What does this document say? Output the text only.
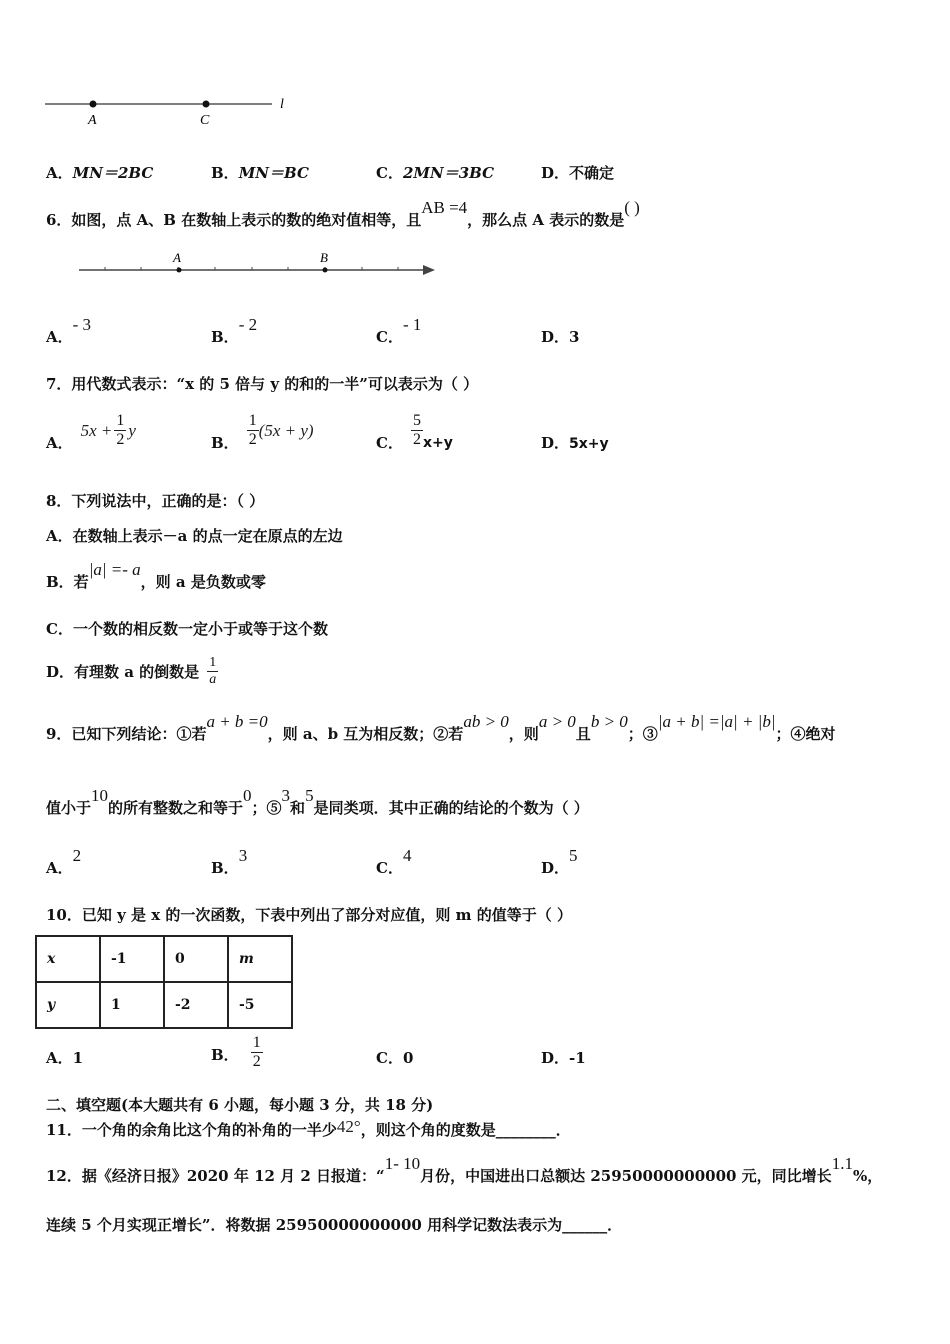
A	C
l
A．MN＝2BC	B．MN＝BC	C．2MN＝3BC	D．不确定
6．如图，点 A、B 在数轴上表示的数的绝对值相等，且AB =4，那么点 A 表示的数是( )
A	B
A．- 3
B．- 2
C．- 1
D．3
7．用代数式表示：“x 的 5 倍与 y 的和的一半”可以表示为（ ）
A．
$5x + \frac{1}{2}$ y
B． $\frac{1}{2} (5x + y)$
C． $\frac{5}{2} x+y$	D．5x+y
8．下列说法中，正确的是：（ ）
A．在数轴上表示－a 的点一定在原点的左边
B．若|a| =- a，则 a 是负数或零
C．一个数的相反数一定小于或等于这个数
D．有理数 a 的倒数是 $\frac{1}{a}$
9．已知下列结论：①若a + b =0，则 a、b 互为相反数；②若ab > 0，则a > 0且b > 0；③|a + b| =|a| + |b|；④绝对
值小于10的所有整数之和等于0；⑤3和5是同类项．其中正确的结论的个数为（ ）
A．2
B．3
C．4
D．5
10．已知 y 是 x 的一次函数，下表中列出了部分对应值，则 m 的值等于（ ）
x	-1	0	m
y	1	-2	-5
A．1	B． $\frac{1}{2}$	C．0	D．-1
二、填空题(本大题共有 6 小题，每小题 3 分，共 18 分)
11．一个角的余角比这个角的补角的一半少42°，则这个角的度数是________．
12．据《经济日报》2020 年 12 月 2 日报道：“1- 10月份，中国进出口总额达 25950000000000 元，同比增长1.1%，
连续 5 个月实现正增长”．将数据 25950000000000 用科学记数法表示为______．
